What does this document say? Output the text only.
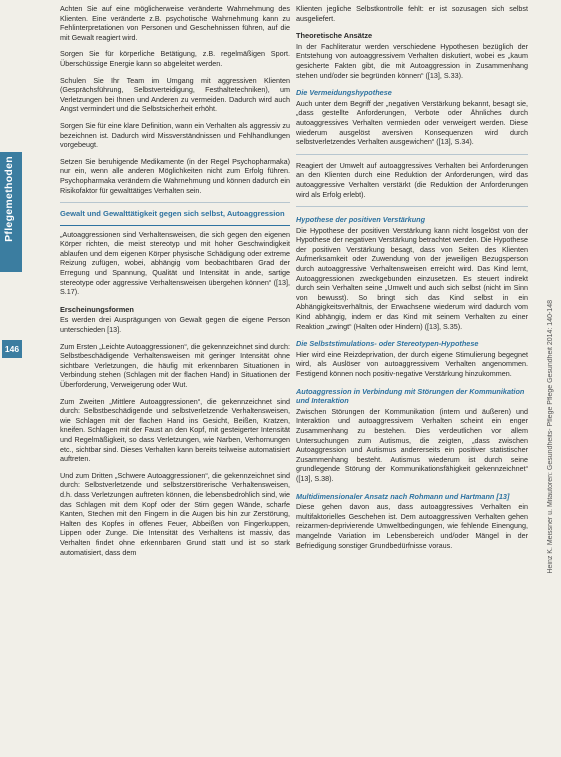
Pflegemethoden
146

Achten Sie auf eine möglicherweise veränderte Wahrnehmung des Klienten. Eine veränderte z.B. psychotische Wahrnehmung kann zu Fehlinterpretationen von Personen und Geschehnissen führen, auf die mit Gewalt reagiert wird.

Sorgen Sie für körperliche Betätigung, z.B. regelmäßigen Sport. Überschüssige Energie kann so abgeleitet werden.

Schulen Sie Ihr Team im Umgang mit aggressiven Klienten (Gesprächsführung, Selbstverteidigung, Festhaltetechniken), um Verletzungen bei Ihnen und Anderen zu vermeiden. Dadurch wird auch Angst vermindert und die Selbstsicherheit erhöht.

Sorgen Sie für eine klare Definition, wann ein Verhalten als aggressiv zu bezeichnen ist. Dadurch wird Missverständnissen und Fehlhandlungen vorgebeugt.

Setzen Sie beruhigende Medikamente (in der Regel Psychopharmaka) nur ein, wenn alle anderen Möglichkeiten nicht zum Erfolg führen. Psychopharmaka verändern die Wahrnehmung und können dadurch ein Risikofaktor für gewalttätiges Verhalten sein.

Gewalt und Gewalttätigkeit gegen sich selbst, Autoaggression

„Autoaggressionen sind Verhaltensweisen, die sich gegen den eigenen Körper richten, die meist stereotyp und mit hoher Geschwindigkeit ablaufen und dem eigenen Körper physische Schädigung oder extreme Reizung zufügen, wobei, abhängig vom beobachtbaren Grad der Erregung und Spannung, Qualität und Intensität in ande, sartige stereotype oder aggressive Verhaltensweisen übergehen können“ ([13], S.17).

Erscheinungsformen

Es werden drei Ausprägungen von Gewalt gegen die eigene Person unterschieden [13].

Zum Ersten „Leichte Autoaggressionen“, die gekennzeichnet sind durch: Selbstbeschädigende Verhaltensweisen mit geringer Intensität ohne sichtbare Verletzungen, die häufig mit erkennbaren Situationen in Verbindung stehen (Schlagen mit der flachen Hand) in Situationen der Überforderung, Verweigerung oder Wut.

Zum Zweiten „Mittlere Autoaggressionen“, die gekennzeichnet sind durch: Selbstbeschädigende und selbstverletzende Verhaltensweisen, wie Schlagen mit der flachen Hand ins Gesicht, Beißen, Kratzen, kneifen. Schlagen mit der Faust an den Kopf, mit gesteigerter Intensität und Regelmäßigkeit, so dass Verletzungen, wie Narben, Verhornungen etc., sichtbar sind. Dieses Verhalten kann bereits teilweise automatisiert auftreten.

Und zum Dritten „Schwere Autoaggressionen“, die gekennzeichnet sind durch: Selbstverletzende und selbstzerstörerische Verhaltensweisen, d.h. dass Verletzungen auftreten können, die lebensbedrohlich sind, wie das Schlagen mit dem Kopf oder der Stirn gegen Wände, scharfe Kanten, Stechen mit den Fingern in die Augen bis hin zur Zerstörung, Halten des Kopfes in offenes Feuer, Abbeißen von Fingerkuppen, Lippen oder Zunge. Die Intensität des Verhaltens ist massiv, das Verhalten findet ohne erkennbaren Grund statt und ist so stark automatisiert, dass dem

Klienten jegliche Selbstkontrolle fehlt: er ist sozusagen sich selbst ausgeliefert.

Theoretische Ansätze

In der Fachliteratur werden verschiedene Hypothesen bezüglich der Entstehung von autoaggressivem Verhalten diskutiert, wobei es „kaum gesicherte Fakten gibt, die mit Autoaggression in Zusammenhang stehen und/oder sie begründen können“ ([13], S.33).

Die Vermeidungshypothese

Auch unter dem Begriff der „negativen Verstärkung bekannt, besagt sie, „dass gestellte Anforderungen, Verbote oder Ähnliches durch autoaggressives Verhalten vermieden oder verweigert werden. Diese wiederum ausgelöst aversiven Konsequenzen wird durch selbstverletzendes Verhalten ausgewichen“ ([13], S.34).

Reagiert der Umwelt auf autoaggressives Verhalten bei Anforderungen an den Klienten durch eine Reduktion der Anforderungen, wird das autoaggressive Verhalten verstärkt (die Reduktion der Anforderungen wird als Erfolg erlebt).

Hypothese der positiven Verstärkung

Die Hypothese der positiven Verstärkung kann nicht losgelöst von der Hypothese der negativen Verstärkung betrachtet werden. Die Hypothese der positiven Verstärkung besagt, dass von Seiten des Klienten Aufmerksamkeit oder Zuwendung von der jeweiligen Bezugsperson durch autoaggressive Verhaltensweisen erreicht wird. Das Kind lernt, Autoaggressionen zweckgebunden einzusetzen. Es steuert indirekt durch sein Verhalten seine „Umwelt und auch sich selbst (nicht im Sinn von bewusst). So bringt sich das Kind selbst in ein Abhängigkeitsverhältnis, der Erwachsene wiederum wird dadurch vom Kind abhängig, indem er das Kind mit seinem Verhalten zu einer Reaktion „zwingt“ (Halten oder Hindern) ([13], S.35).

Die Selbststimulations- oder Stereotypen-Hypothese

Hier wird eine Reizdeprivation, der durch eigene Stimulierung begegnet wird, als Auslöser von autoaggressivem Verhalten angenommen. Festigend können noch positiv-negative Verstärkung hinzukommen.

Autoaggression in Verbindung mit Störungen der Kommunikation und Interaktion

Zwischen Störungen der Kommunikation (intern und äußeren) und Interaktion und autoaggressivem Verhalten scheint ein enger Zusammenhang zu bestehen. Dies verdeutlichen vor allem Untersuchungen zum Autismus, die zeigten, „dass zwischen Autoaggression und Autismus andererseits ein positiver statistischer Zusammenhang besteht. Autismus wiederum ist durch seine grundlegende Störung der Kommunikationsfähigkeit gekennzeichnet“ ([13], S.38).

Multidimensionaler Ansatz nach Rohmann und Hartmann [13]

Diese gehen davon aus, dass autoaggressives Verhalten ein multifaktorielles Geschehen ist. Dem autoaggressiven Verhalten gehen reizarmen-deprivierende Umweltbedingungen, wie fehlende Einengung, mangelnde Variation im Lebensbereich und/oder Mängel in der Befriedigung sonstiger Grundbedürfnisse voraus.	Heinz K. Meissner u. Mitautoren: Gesundheits- Pflege Pflege Gesundheit 2014: 140-148
